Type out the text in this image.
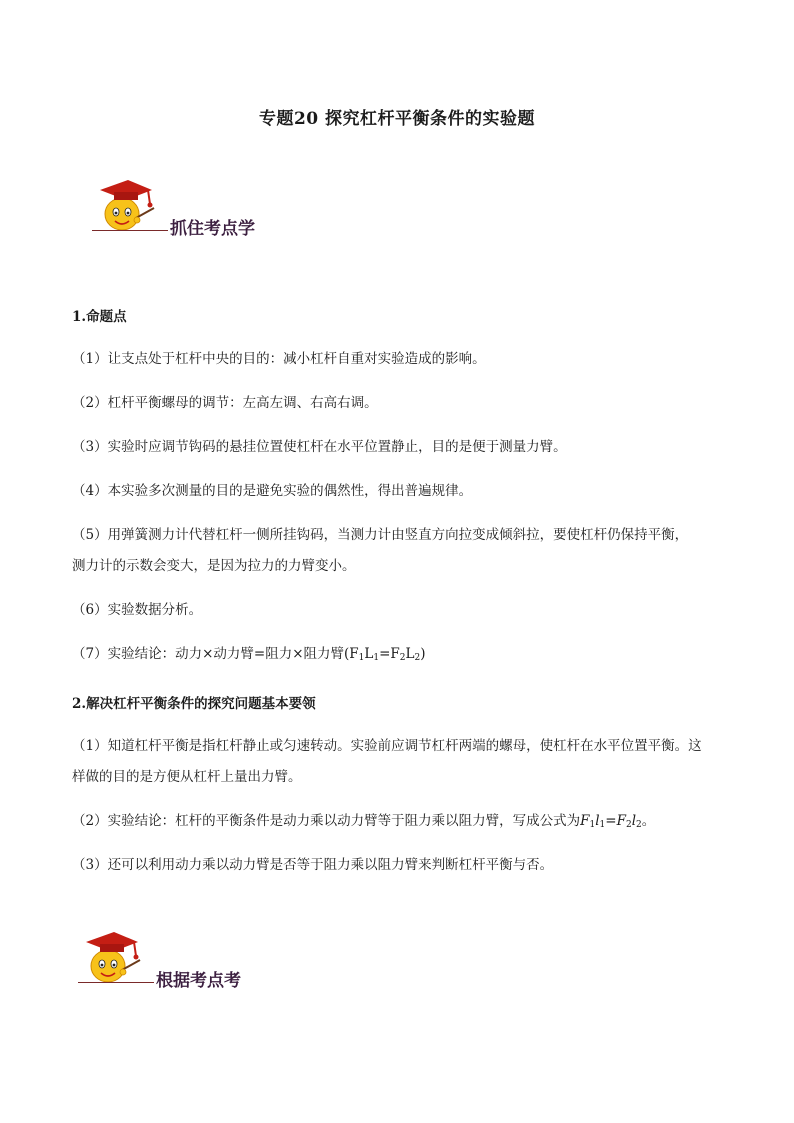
专题20 探究杠杆平衡条件的实验题
抓住考点学
1.命题点
（1）让支点处于杠杆中央的目的：减小杠杆自重对实验造成的影响。
（2）杠杆平衡螺母的调节：左高左调、右高右调。
（3）实验时应调节钩码的悬挂位置使杠杆在水平位置静止，目的是便于测量力臂。
（4）本实验多次测量的目的是避免实验的偶然性，得出普遍规律。
（5）用弹簧测力计代替杠杆一侧所挂钩码，当测力计由竖直方向拉变成倾斜拉，要使杠杆仍保持平衡，
测力计的示数会变大，是因为拉力的力臂变小。
（6）实验数据分析。
（7）实验结论：动力×动力臂=阻力×阻力臂$(F_1L_1=F_2L_2)$
2.解决杠杆平衡条件的探究问题基本要领
（1）知道杠杆平衡是指杠杆静止或匀速转动。实验前应调节杠杆两端的螺母，使杠杆在水平位置平衡。这
样做的目的是方便从杠杆上量出力臂。
（2）实验结论：杠杆的平衡条件是动力乘以动力臂等于阻力乘以阻力臂，写成公式为$F_1l_1=F_2l_2$。
（3）还可以利用动力乘以动力臂是否等于阻力乘以阻力臂来判断杠杆平衡与否。
根据考点考
